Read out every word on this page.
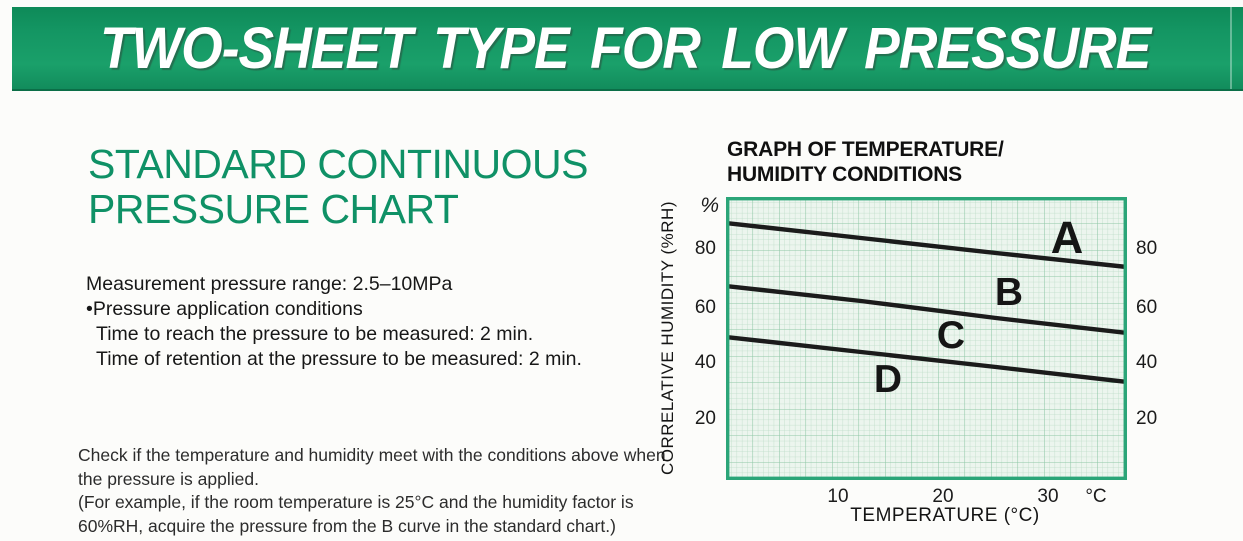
TWO-SHEET TYPE FOR LOW PRESSURE
STANDARD CONTINUOUS
PRESSURE CHART
Measurement pressure range: 2.5–10MPa
•Pressure application conditions
Time to reach the pressure to be measured: 2 min.
Time of retention at the pressure to be measured: 2 min.
Check if the temperature and humidity meet with the conditions above when
the pressure is applied.
(For example, if the room temperature is 25°C and the humidity factor is
60%RH, acquire the pressure from the B curve in the standard chart.)
GRAPH OF TEMPERATURE/
HUMIDITY CONDITIONS
%
CORRELATIVE HUMIDITY (%RH)
TEMPERATURE (°C)
80
60
40
20
80
60
40
20
10	20	30	°C
A
B
C
D
